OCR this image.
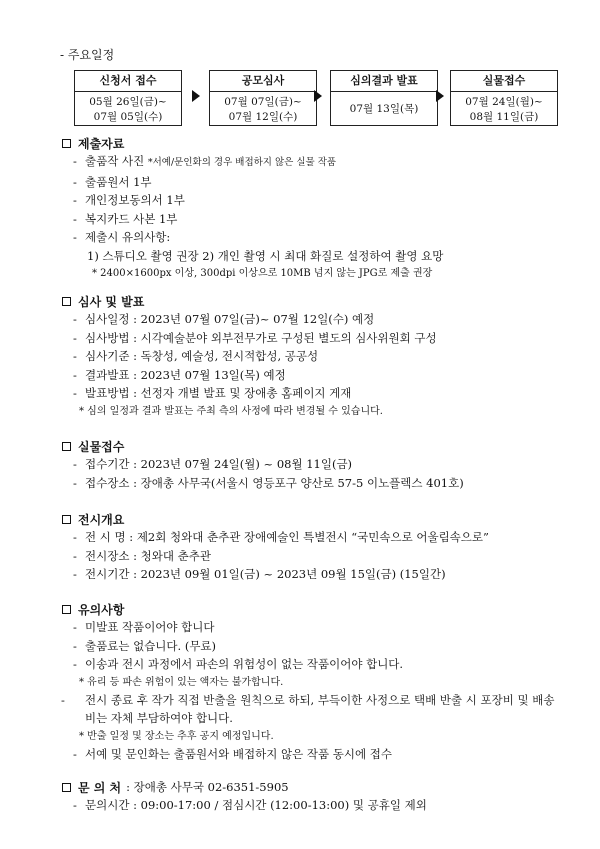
- 주요일정
신청서 접수
05월 26일(금)~
07월 05일(수)
공모심사
07월 07일(금)~
07월 12일(수)
심의결과 발표
07월 13일(목)
실물접수
07월 24일(월)~
08월 11일(금)
제출자료
- 출품작 사진 *서예/문인화의 경우 배접하지 않은 실물 작품
- 출품원서 1부
- 개인정보동의서 1부
- 복지카드 사본 1부
- 제출시 유의사항:
1) 스튜디오 촬영 권장 2) 개인 촬영 시 최대 화질로 설정하여 촬영 요망
* 2400×1600px 이상, 300dpi 이상으로 10MB 넘지 않는 JPG로 제출 권장
심사 및 발표
- 심사일정 : 2023년 07월 07일(금)~ 07월 12일(수) 예정
- 심사방법 : 시각예술분야 외부전무가로 구성된 별도의 심사위원회 구성
- 심사기준 : 독창성, 예술성, 전시적합성, 공공성
- 결과발표 : 2023년 07월 13일(목) 예정
- 발표방법 : 선정자 개별 발표 및 장애총 홈페이지 게재
* 심의 일정과 결과 발표는 주최 측의 사정에 따라 변경될 수 있습니다.
실물접수
- 접수기간 : 2023년 07월 24일(월) ~ 08월 11일(금)
- 접수장소 : 장애총 사무국(서울시 영등포구 양산로 57-5 이노플렉스 401호)
전시개요
- 전 시 명 : 제2회 청와대 춘추관 장애예술인 특별전시 “국민속으로 어울림속으로”
- 전시장소 : 청와대 춘추관
- 전시기간 : 2023년 09월 01일(금) ~ 2023년 09월 15일(금) (15일간)
유의사항
- 미발표 작품이어야 합니다
- 출품료는 없습니다. (무료)
- 이송과 전시 과정에서 파손의 위험성이 없는 작품이어야 합니다.
* 유리 등 파손 위험이 있는 액자는 불가합니다.
- 전시 종료 후 작가 직접 반출을 원칙으로 하되, 부득이한 사정으로 택배 반출 시 포장비 및 배송비는 자체 부담하여야 합니다.
* 반출 일정 및 장소는 추후 공지 예정입니다.
- 서예 및 문인화는 출품원서와 배접하지 않은 작품 동시에 접수
문 의 처 : 장애총 사무국 02-6351-5905
- 문의시간 : 09:00-17:00 / 점심시간 (12:00-13:00) 및 공휴일 제외
